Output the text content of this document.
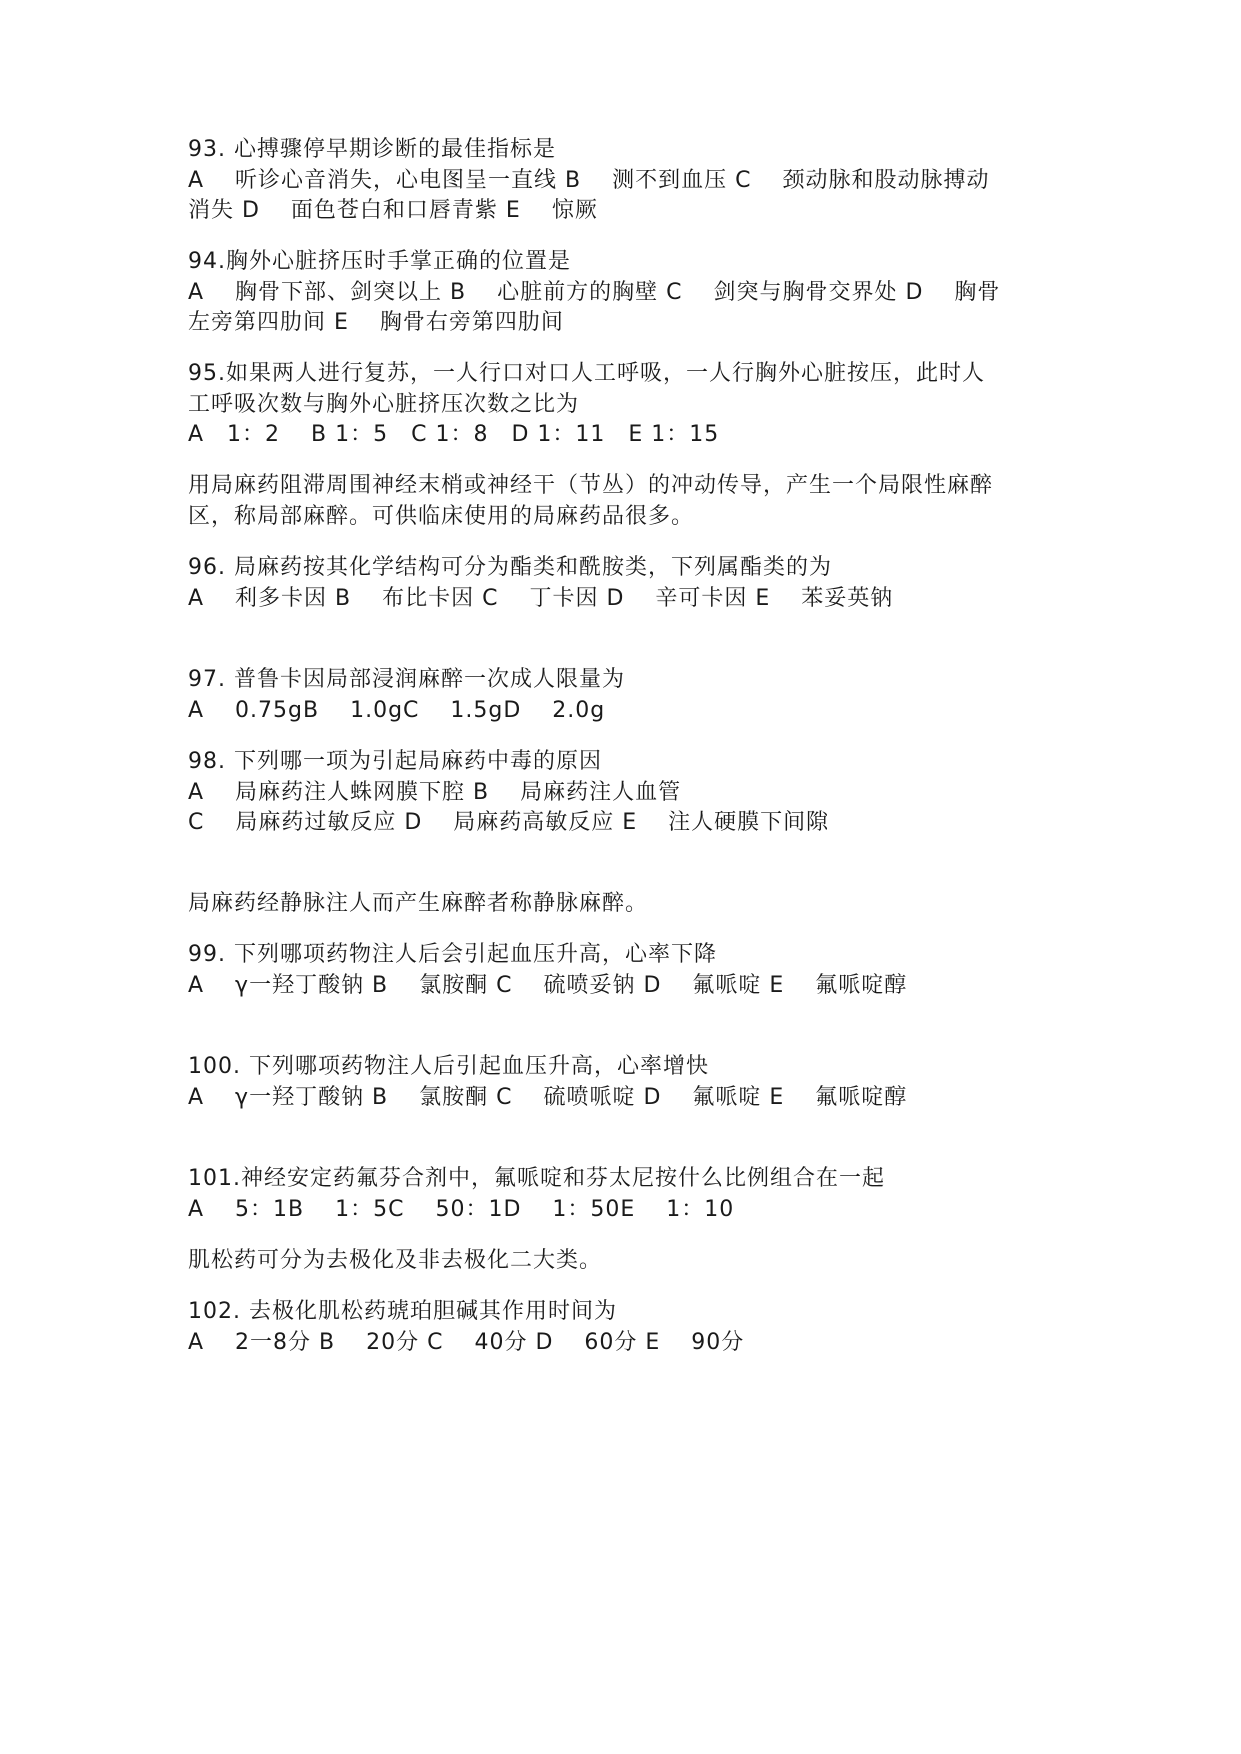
93. 心搏骤停早期诊断的最佳指标是
A 　听诊心音消失，心电图呈一直线 B　 测不到血压 C　 颈动脉和股动脉搏动
消失 D　 面色苍白和口唇青紫 E　 惊厥
94.胸外心脏挤压时手掌正确的位置是
A 　胸骨下部、剑突以上 B　 心脏前方的胸壁 C　 剑突与胸骨交界处 D　 胸骨
左旁第四肋间 E　 胸骨右旁第四肋间
95.如果两人进行复苏，一人行口对口人工呼吸，一人行胸外心脏按压，此时人
工呼吸次数与胸外心脏挤压次数之比为
A　1：2　 B 1：5　C 1：8　D 1：11　E 1：15
用局麻药阻滞周围神经末梢或神经干（节丛）的冲动传导，产生一个局限性麻醉
区，称局部麻醉。可供临床使用的局麻药品很多。
96. 局麻药按其化学结构可分为酯类和酰胺类，下列属酯类的为
A 　利多卡因 B　 布比卡因 C　 丁卡因 D　 辛可卡因 E　 苯妥英钠
97. 普鲁卡因局部浸润麻醉一次成人限量为
A 　0.75gB　 1.0gC　 1.5gD　 2.0g
98. 下列哪一项为引起局麻药中毒的原因
A 　局麻药注人蛛网膜下腔 B　 局麻药注人血管
C 　局麻药过敏反应 D　 局麻药高敏反应 E　 注人硬膜下间隙
局麻药经静脉注人而产生麻醉者称静脉麻醉。
99. 下列哪项药物注人后会引起血压升高，心率下降
A 　γ一羟丁酸钠 B　 氯胺酮 C　 硫喷妥钠 D　 氟哌啶 E　 氟哌啶醇
100. 下列哪项药物注人后引起血压升高，心率增快
A 　γ一羟丁酸钠 B　 氯胺酮 C　 硫喷哌啶 D　 氟哌啶 E　 氟哌啶醇
101.神经安定药氟芬合剂中，氟哌啶和芬太尼按什么比例组合在一起
A 　5：1B　 1：5C　 50：1D　 1：50E　 1：10
肌松药可分为去极化及非去极化二大类。
102. 去极化肌松药琥珀胆碱其作用时间为
A 　2一8分 B　 20分 C　 40分 D　 60分 E　 90分
